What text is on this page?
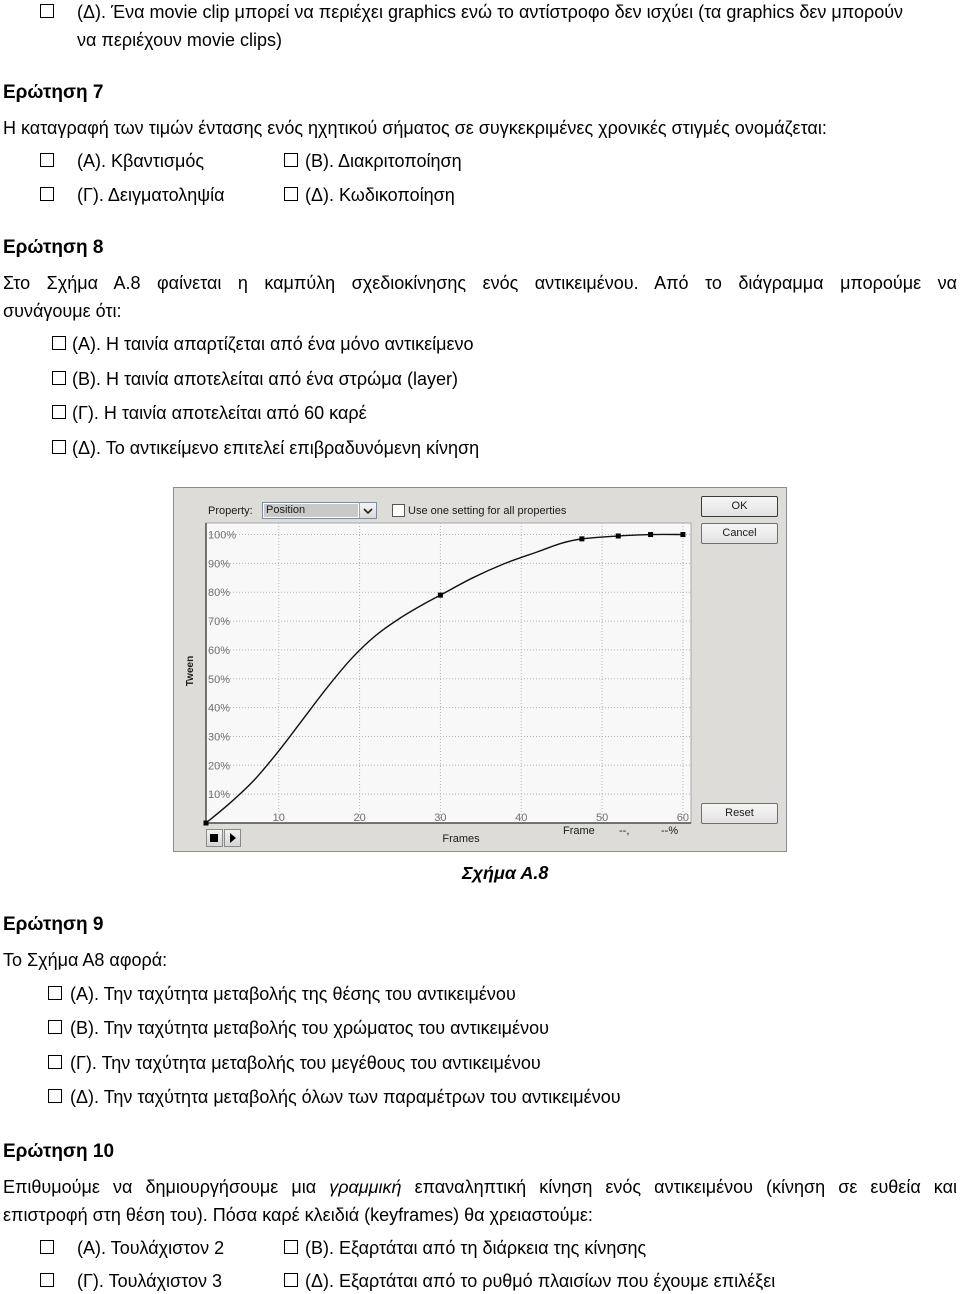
(Δ). Ένα movie clip μπορεί να περιέχει graphics ενώ το αντίστροφο δεν ισχύει (τα graphics δεν μπορούν
να περιέχουν movie clips)
Ερώτηση 7
Η καταγραφή των τιμών έντασης ενός ηχητικού σήματος σε συγκεκριμένες χρονικές στιγμές ονομάζεται:
(Α). Κβαντισμός	(Β). Διακριτοποίηση
(Γ). Δειγματοληψία	(Δ). Κωδικοποίηση
Ερώτηση 8
Στο Σχήμα Α.8 φαίνεται η καμπύλη σχεδιοκίνησης ενός αντικειμένου. Από το διάγραμμα μπορούμε να
συνάγουμε ότι:
(Α). Η ταινία απαρτίζεται από ένα μόνο αντικείμενο
(Β). Η ταινία αποτελείται από ένα στρώμα (layer)
(Γ). Η ταινία αποτελείται από 60 καρέ
(Δ). Το αντικείμενο επιτελεί επιβραδυνόμενη κίνηση
10%
20%
30%
40%
50%
60%
70%
80%
90%
100%
10	20	30	40	50	60
Property: Position	Use one setting for all properties	OK
Cancel
Reset
Tween
Frames
Frame --,	--%
Σχήμα Α.8
Ερώτηση 9
Το Σχήμα Α8 αφορά:
(Α). Την ταχύτητα μεταβολής της θέσης του αντικειμένου
(Β). Την ταχύτητα μεταβολής του χρώματος του αντικειμένου
(Γ). Την ταχύτητα μεταβολής του μεγέθους του αντικειμένου
(Δ). Την ταχύτητα μεταβολής όλων των παραμέτρων του αντικειμένου
Ερώτηση 10
Επιθυμούμε να δημιουργήσουμε μια γραμμική επαναληπτική κίνηση ενός αντικειμένου (κίνηση σε ευθεία και
επιστροφή στη θέση του). Πόσα καρέ κλειδιά (keyframes) θα χρειαστούμε:
(Α). Τουλάχιστον 2	(Β). Εξαρτάται από τη διάρκεια της κίνησης
(Γ). Τουλάχιστον 3	(Δ). Εξαρτάται από το ρυθμό πλαισίων που έχουμε επιλέξει
